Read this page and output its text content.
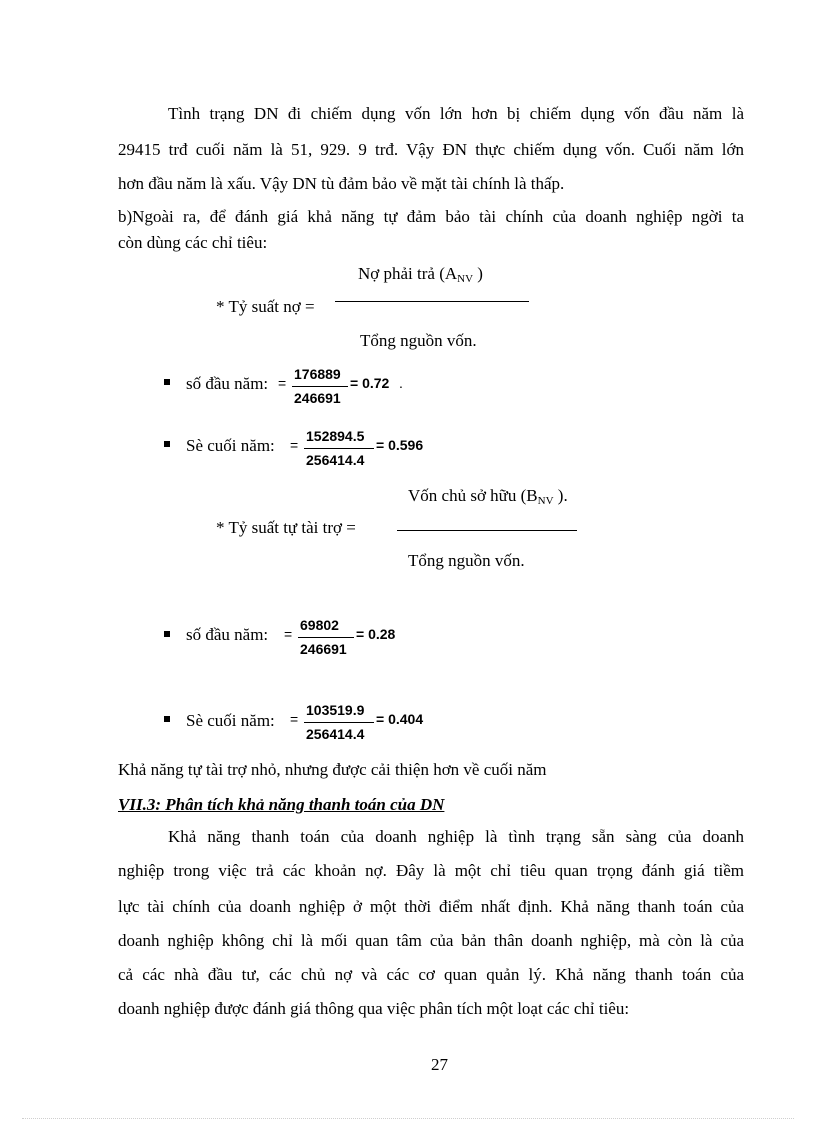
Tình trạng DN đi chiếm dụng vốn lớn hơn bị chiếm dụng vốn đầu năm là
29415 trđ cuối năm là 51, 929. 9 trđ. Vậy ĐN thực chiếm dụng vốn. Cuối năm lớn
hơn đầu năm là xấu. Vậy DN tù đảm bảo về mặt tài chính là thấp.
b)Ngoài ra, để đánh giá khả năng tự đảm bảo tài chính của doanh nghiệp ngời ta
còn dùng các chỉ tiêu:
Nợ phải trả (ANV )
* Tỷ suất nợ =
Tổng nguồn vốn.
số đầu năm: =
176889
246691
= 0.72 .
Sè cuối năm: =
152894.5
256414.4
= 0.596
Vốn chủ sở hữu (BNV ).
* Tỷ suất tự tài trợ =
Tổng nguồn vốn.
số đầu năm: =
69802
246691
= 0.28
Sè cuối năm: =
103519.9
256414.4
= 0.404
Khả năng tự tài trợ nhỏ, nhưng được cải thiện hơn về cuối năm
VII.3: Phân tích khả năng thanh toán của DN
Khả năng thanh toán của doanh nghiệp là tình trạng sẵn sàng của doanh
nghiệp trong việc trả các khoản nợ. Đây là một chỉ tiêu quan trọng đánh giá tiềm
lực tài chính của doanh nghiệp ở một thời điểm nhất định. Khả năng thanh toán của
doanh nghiệp không chỉ là mối quan tâm của bản thân doanh nghiệp, mà còn là của
cả các nhà đầu tư, các chủ nợ và các cơ quan quản lý. Khả năng thanh toán của
doanh nghiệp được đánh giá thông qua việc phân tích một loạt các chỉ tiêu:
27
